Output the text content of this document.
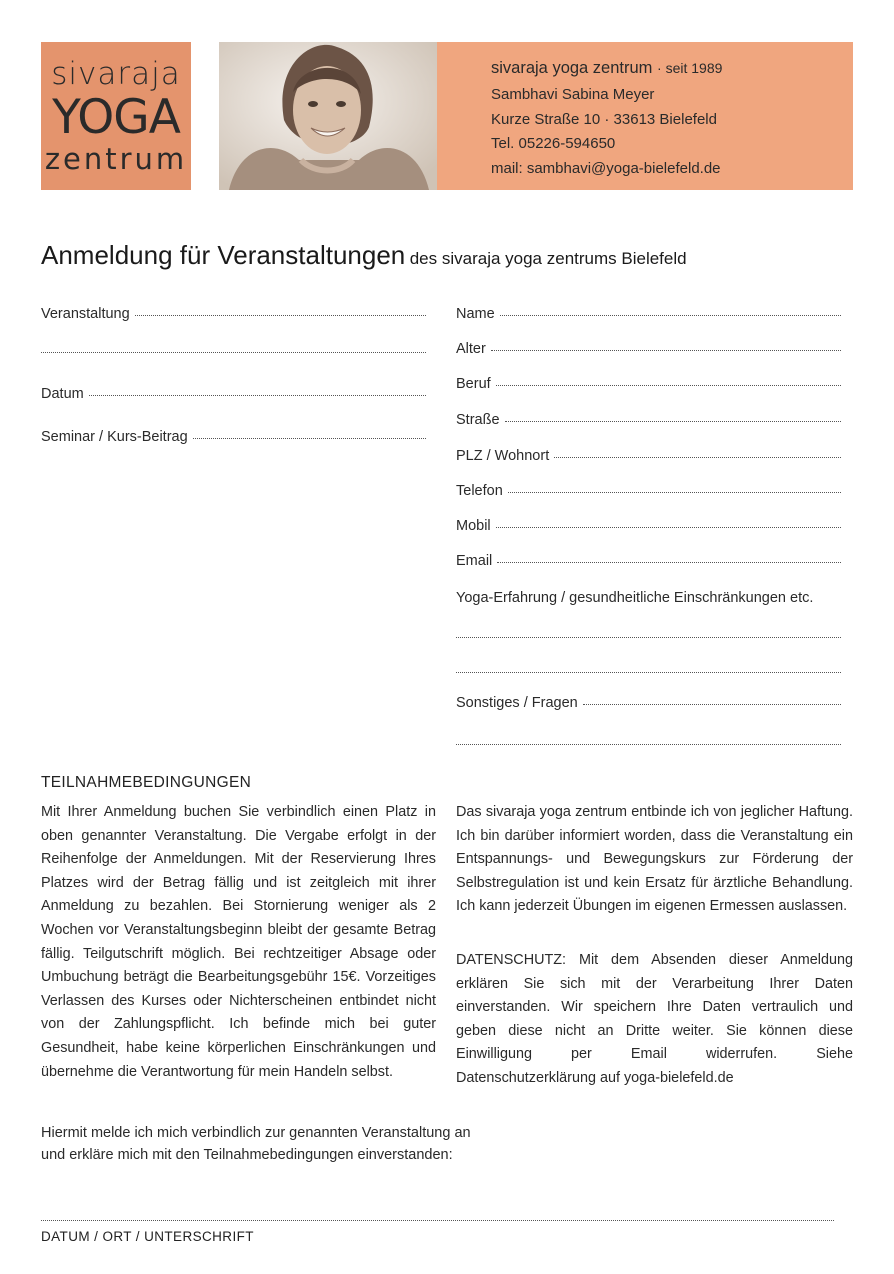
sivaraja
YOGA
zentrum
sivaraja yoga zentrum · seit 1989
Sambhavi Sabina Meyer
Kurze Straße 10 · 33613 Bielefeld
Tel. 05226-594650
mail: sambhavi@yoga-bielefeld.de
Anmeldung für Veranstaltungen des sivaraja yoga zentrums Bielefeld
Veranstaltung
Datum
Seminar / Kurs-Beitrag
Name
Alter
Beruf
Straße
PLZ / Wohnort
Telefon
Mobil
Email
Yoga-Erfahrung / gesundheitliche Einschränkungen etc.
Sonstiges / Fragen
TEILNAHMEBEDINGUNGEN

Mit Ihrer Anmeldung buchen Sie verbindlich einen Platz in oben genannter Veranstaltung. Die Vergabe erfolgt in der Reihenfolge der Anmeldungen. Mit der Reservierung Ihres Platzes wird der Betrag fällig und ist zeitgleich mit ihrer Anmeldung zu bezahlen. Bei Stornierung weniger als 2 Wochen vor Veranstaltungsbeginn bleibt der gesamte Betrag fällig. Teilgutschrift möglich. Bei rechtzeitiger Absage oder Umbuchung beträgt die Bearbeitungsgebühr 15€. Vorzeitiges Verlassen des Kurses oder Nichterscheinen entbindet nicht von der Zahlungspflicht. Ich befinde mich bei guter Gesundheit, habe keine körperlichen Einschränkungen und übernehme die Verantwortung für mein Handeln selbst.

Das sivaraja yoga zentrum entbinde ich von jeglicher Haftung. Ich bin darüber informiert worden, dass die Veranstaltung ein Entspannungs- und Bewegungskurs zur Förderung der Selbstregulation ist und kein Ersatz für ärztliche Behandlung. Ich kann jederzeit Übungen im eigenen Ermessen auslassen.

DATENSCHUTZ: Mit dem Absenden dieser Anmeldung erklären Sie sich mit der Verarbeitung Ihrer Daten einverstanden. Wir speichern Ihre Daten vertraulich und geben diese nicht an Dritte weiter. Sie können diese Einwilligung per Email widerrufen. Siehe Datenschutzerklärung auf yoga-bielefeld.de

Hiermit melde ich mich verbindlich zur genannten Veranstaltung an
und erkläre mich mit den Teilnahmebedingungen einverstanden:

DATUM / ORT / UNTERSCHRIFT
